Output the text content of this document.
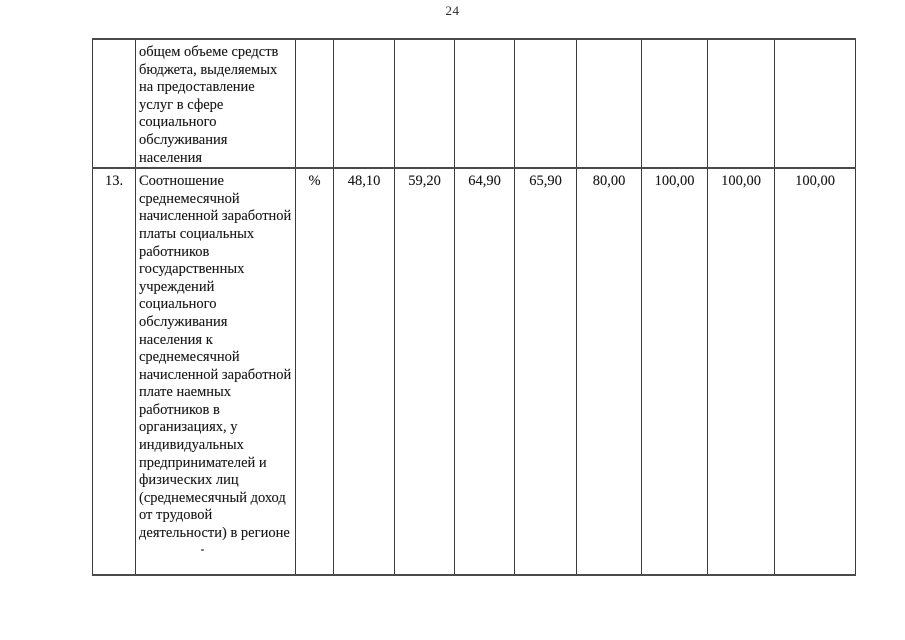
24
	общем объеме средств бюджета, выделяемых на предоставление услуг в сфере социального обслуживания населения									
13.	Соотношение среднемесячной начисленной заработной платы социальных работников государственных учреждений социального обслуживания населения к среднемесячной начисленной заработной плате наемных работников в организациях, у индивидуальных предпринимателей и физических лиц (среднемесячный доход от трудовой деятельности) в регионе	%	48,10	59,20	64,90	65,90	80,00	100,00	100,00	100,00
